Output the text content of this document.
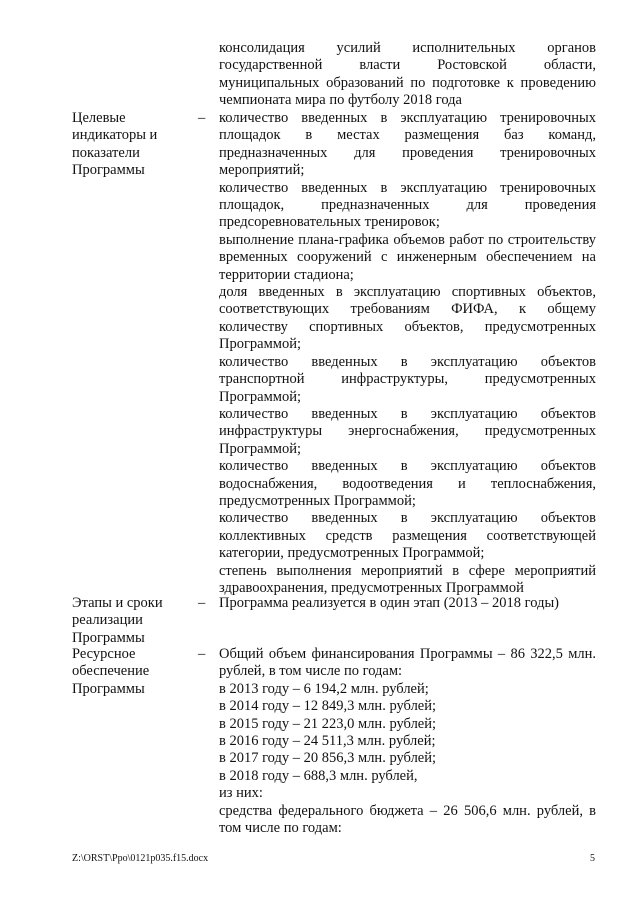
консолидация усилий исполнительных органов государственной власти Ростовской области, муниципальных образований по подготовке к проведению чемпионата мира по футболу 2018 года

Целевые индикаторы и показатели Программы
– количество введенных в эксплуатацию тренировочных площадок в местах размещения баз команд, предназначенных для проведения тренировочных мероприятий;

количество введенных в эксплуатацию тренировочных площадок, предназначенных для проведения предсоревновательных тренировок;

выполнение плана-графика объемов работ по строительству временных сооружений с инженерным обеспечением на территории стадиона;

доля введенных в эксплуатацию спортивных объектов, соответствующих требованиям ФИФА, к общему количеству спортивных объектов, предусмотренных Программой;

количество введенных в эксплуатацию объектов транспортной инфраструктуры, предусмотренных Программой;

количество введенных в эксплуатацию объектов инфраструктуры энергоснабжения, предусмотренных Программой;

количество введенных в эксплуатацию объектов водоснабжения, водоотведения и теплоснабжения, предусмотренных Программой;

количество введенных в эксплуатацию объектов коллективных средств размещения соответствующей категории, предусмотренных Программой;

степень выполнения мероприятий в сфере мероприятий здравоохранения, предусмотренных Программой

Этапы и сроки реализации Программы
– Программа реализуется в один этап (2013 – 2018 годы)

Ресурсное обеспечение Программы
– Общий объем финансирования Программы – 86 322,5 млн. рублей, в том числе по годам:

в 2013 году – 6 194,2 млн. рублей;

в 2014 году – 12 849,3 млн. рублей;

в 2015 году – 21 223,0 млн. рублей;

в 2016 году – 24 511,3 млн. рублей;

в 2017 году – 20 856,3 млн. рублей;

в 2018 году – 688,3 млн. рублей,

из них:

средства федерального бюджета – 26 506,6 млн. рублей, в том числе по годам:

Z:\ORST\Ppo\0121p035.f15.docx	5
